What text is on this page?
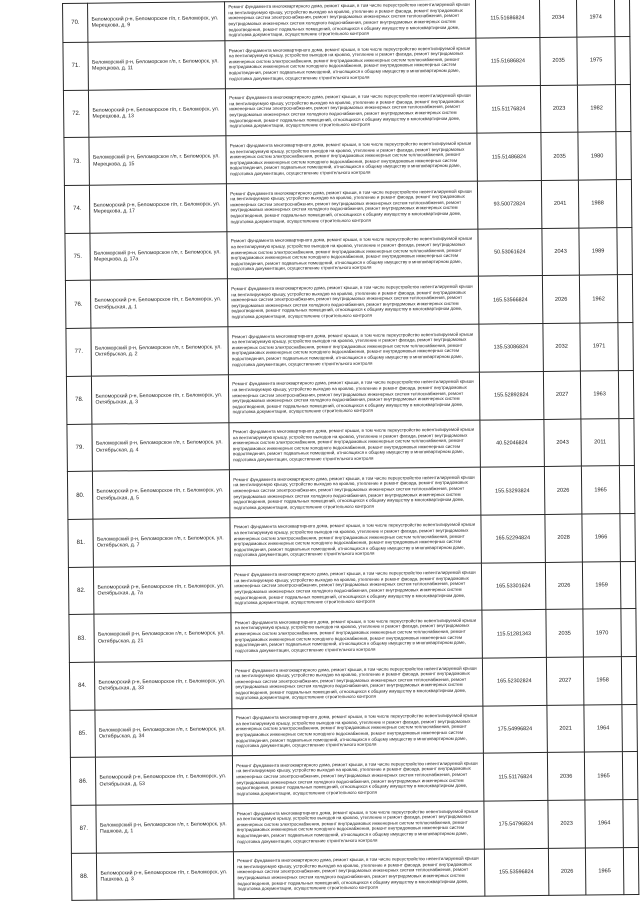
70.	Беломорский р-н, Беломорское г/п, г. Беломорск, ул. Мерецкова, д. 9	Ремонт фундамента многоквартирного дома, ремонт крыши, в том числе переустройство невентилируемой крыши на вентилируемую крышу, устройство выходов на кровлю, утепление и ремонт фасада, ремонт внутридомовых инженерных систем электроснабжения, ремонт внутридомовых инженерных систем теплоснабжения, ремонт внутридомовых инженерных систем холодного водоснабжения, ремонт внутридомовых инженерных систем водоотведения, ремонт подвальных помещений, относящихся к общему имуществу в многоквартирном доме, подготовка документации, осуществление строительного контроля	115.51686824	2034	1974	
71.	Беломорский р-н, Беломорское г/п, г. Беломорск, ул. Мерецкова, д. 11	Ремонт фундамента многоквартирного дома, ремонт крыши, в том числе переустройство невентилируемой крыши на вентилируемую крышу, устройство выходов на кровлю, утепление и ремонт фасада, ремонт внутридомовых инженерных систем электроснабжения, ремонт внутридомовых инженерных систем теплоснабжения, ремонт внутридомовых инженерных систем холодного водоснабжения, ремонт внутридомовых инженерных систем водоотведения, ремонт подвальных помещений, относящихся к общему имуществу в многоквартирном доме, подготовка документации, осуществление строительного контроля	115.51686824	2035	1975	
72.	Беломорский р-н, Беломорское г/п, г. Беломорск, ул. Мерецкова, д. 13	Ремонт фундамента многоквартирного дома, ремонт крыши, в том числе переустройство невентилируемой крыши на вентилируемую крышу, устройство выходов на кровлю, утепление и ремонт фасада, ремонт внутридомовых инженерных систем электроснабжения, ремонт внутридомовых инженерных систем теплоснабжения, ремонт внутридомовых инженерных систем холодного водоснабжения, ремонт внутридомовых инженерных систем водоотведения, ремонт подвальных помещений, относящихся к общему имуществу в многоквартирном доме, подготовка документации, осуществление строительного контроля	115.51176824	2023	1982	
73.	Беломорский р-н, Беломорское г/п, г. Беломорск, ул. Мерецкова, д. 15	Ремонт фундамента многоквартирного дома, ремонт крыши, в том числе переустройство невентилируемой крыши на вентилируемую крышу, устройство выходов на кровлю, утепление и ремонт фасада, ремонт внутридомовых инженерных систем электроснабжения, ремонт внутридомовых инженерных систем теплоснабжения, ремонт внутридомовых инженерных систем холодного водоснабжения, ремонт внутридомовых инженерных систем водоотведения, ремонт подвальных помещений, относящихся к общему имуществу в многоквартирном доме, подготовка документации, осуществление строительного контроля	115.51486824	2035	1980	
74.	Беломорский р-н, Беломорское г/п, г. Беломорск, ул. Мерецкова, д. 17	Ремонт фундамента многоквартирного дома, ремонт крыши, в том числе переустройство невентилируемой крыши на вентилируемую крышу, устройство выходов на кровлю, утепление и ремонт фасада, ремонт внутридомовых инженерных систем электроснабжения, ремонт внутридомовых инженерных систем теплоснабжения, ремонт внутридомовых инженерных систем холодного водоснабжения, ремонт внутридомовых инженерных систем водоотведения, ремонт подвальных помещений, относящихся к общему имуществу в многоквартирном доме, подготовка документации, осуществление строительного контроля	93.50072824	2041	1988	
75.	Беломорский р-н, Беломорское г/п, г. Беломорск, ул. Мерецкова, д. 17а	Ремонт фундамента многоквартирного дома, ремонт крыши, в том числе переустройство невентилируемой крыши на вентилируемую крышу, устройство выходов на кровлю, утепление и ремонт фасада, ремонт внутридомовых инженерных систем электроснабжения, ремонт внутридомовых инженерных систем теплоснабжения, ремонт внутридомовых инженерных систем холодного водоснабжения, ремонт внутридомовых инженерных систем водоотведения, ремонт подвальных помещений, относящихся к общему имуществу в многоквартирном доме, подготовка документации, осуществление строительного контроля	50.53061624	2043	1989	
76.	Беломорский р-н, Беломорское г/п, г. Беломорск, ул. Октябрьская, д. 1	Ремонт фундамента многоквартирного дома, ремонт крыши, в том числе переустройство невентилируемой крыши на вентилируемую крышу, устройство выходов на кровлю, утепление и ремонт фасада, ремонт внутридомовых инженерных систем электроснабжения, ремонт внутридомовых инженерных систем теплоснабжения, ремонт внутридомовых инженерных систем холодного водоснабжения, ремонт внутридомовых инженерных систем водоотведения, ремонт подвальных помещений, относящихся к общему имуществу в многоквартирном доме, подготовка документации, осуществление строительного контроля	165.53566824	2026	1962	
77.	Беломорский р-н, Беломорское г/п, г. Беломорск, ул. Октябрьская, д. 2	Ремонт фундамента многоквартирного дома, ремонт крыши, в том числе переустройство невентилируемой крыши на вентилируемую крышу, устройство выходов на кровлю, утепление и ремонт фасада, ремонт внутридомовых инженерных систем электроснабжения, ремонт внутридомовых инженерных систем теплоснабжения, ремонт внутридомовых инженерных систем холодного водоснабжения, ремонт внутридомовых инженерных систем водоотведения, ремонт подвальных помещений, относящихся к общему имуществу в многоквартирном доме, подготовка документации, осуществление строительного контроля	135.53086824	2032	1971	
78.	Беломорский р-н, Беломорское г/п, г. Беломорск, ул. Октябрьская, д. 3	Ремонт фундамента многоквартирного дома, ремонт крыши, в том числе переустройство невентилируемой крыши на вентилируемую крышу, устройство выходов на кровлю, утепление и ремонт фасада, ремонт внутридомовых инженерных систем электроснабжения, ремонт внутридомовых инженерных систем теплоснабжения, ремонт внутридомовых инженерных систем холодного водоснабжения, ремонт внутридомовых инженерных систем водоотведения, ремонт подвальных помещений, относящихся к общему имуществу в многоквартирном доме, подготовка документации, осуществление строительного контроля	155.52892824	2027	1963	
79.	Беломорский р-н, Беломорское г/п, г. Беломорск, ул. Октябрьская, д. 4	Ремонт фундамента многоквартирного дома, ремонт крыши, в том числе переустройство невентилируемой крыши на вентилируемую крышу, устройство выходов на кровлю, утепление и ремонт фасада, ремонт внутридомовых инженерных систем электроснабжения, ремонт внутридомовых инженерных систем теплоснабжения, ремонт внутридомовых инженерных систем холодного водоснабжения, ремонт внутридомовых инженерных систем водоотведения, ремонт подвальных помещений, относящихся к общему имуществу в многоквартирном доме, подготовка документации, осуществление строительного контроля	40.52046824	2043	2011	
80.	Беломорский р-н, Беломорское г/п, г. Беломорск, ул. Октябрьская, д. 5	Ремонт фундамента многоквартирного дома, ремонт крыши, в том числе переустройство невентилируемой крыши на вентилируемую крышу, устройство выходов на кровлю, утепление и ремонт фасада, ремонт внутридомовых инженерных систем электроснабжения, ремонт внутридомовых инженерных систем теплоснабжения, ремонт внутридомовых инженерных систем холодного водоснабжения, ремонт внутридомовых инженерных систем водоотведения, ремонт подвальных помещений, относящихся к общему имуществу в многоквартирном доме, подготовка документации, осуществление строительного контроля	155.53293824	2026	1965	
81.	Беломорский р-н, Беломорское г/п, г. Беломорск, ул. Октябрьская, д. 7	Ремонт фундамента многоквартирного дома, ремонт крыши, в том числе переустройство невентилируемой крыши на вентилируемую крышу, устройство выходов на кровлю, утепление и ремонт фасада, ремонт внутридомовых инженерных систем электроснабжения, ремонт внутридомовых инженерных систем теплоснабжения, ремонт внутридомовых инженерных систем холодного водоснабжения, ремонт внутридомовых инженерных систем водоотведения, ремонт подвальных помещений, относящихся к общему имуществу в многоквартирном доме, подготовка документации, осуществление строительного контроля	165.52294824	2028	1966	
82.	Беломорский р-н, Беломорское г/п, г. Беломорск, ул. Октябрьская, д. 7а	Ремонт фундамента многоквартирного дома, ремонт крыши, в том числе переустройство невентилируемой крыши на вентилируемую крышу, устройство выходов на кровлю, утепление и ремонт фасада, ремонт внутридомовых инженерных систем электроснабжения, ремонт внутридомовых инженерных систем теплоснабжения, ремонт внутридомовых инженерных систем холодного водоснабжения, ремонт внутридомовых инженерных систем водоотведения, ремонт подвальных помещений, относящихся к общему имуществу в многоквартирном доме, подготовка документации, осуществление строительного контроля	165.53301624	2026	1959	
83.	Беломорский р-н, Беломорское г/п, г. Беломорск, ул. Октябрьская, д. 21	Ремонт фундамента многоквартирного дома, ремонт крыши, в том числе переустройство невентилируемой крыши на вентилируемую крышу, устройство выходов на кровлю, утепление и ремонт фасада, ремонт внутридомовых инженерных систем электроснабжения, ремонт внутридомовых инженерных систем теплоснабжения, ремонт внутридомовых инженерных систем холодного водоснабжения, ремонт внутридомовых инженерных систем водоотведения, ремонт подвальных помещений, относящихся к общему имуществу в многоквартирном доме, подготовка документации, осуществление строительного контроля	115.51281343	2035	1970	
84.	Беломорский р-н, Беломорское г/п, г. Беломорск, ул. Октябрьская, д. 33	Ремонт фундамента многоквартирного дома, ремонт крыши, в том числе переустройство невентилируемой крыши на вентилируемую крышу, устройство выходов на кровлю, утепление и ремонт фасада, ремонт внутридомовых инженерных систем электроснабжения, ремонт внутридомовых инженерных систем теплоснабжения, ремонт внутридомовых инженерных систем холодного водоснабжения, ремонт внутридомовых инженерных систем водоотведения, ремонт подвальных помещений, относящихся к общему имуществу в многоквартирном доме, подготовка документации, осуществление строительного контроля	165.52302824	2027	1958	
85.	Беломорский р-н, Беломорское г/п, г. Беломорск, ул. Октябрьская, д. 34	Ремонт фундамента многоквартирного дома, ремонт крыши, в том числе переустройство невентилируемой крыши на вентилируемую крышу, устройство выходов на кровлю, утепление и ремонт фасада, ремонт внутридомовых инженерных систем электроснабжения, ремонт внутридомовых инженерных систем теплоснабжения, ремонт внутридомовых инженерных систем холодного водоснабжения, ремонт внутридомовых инженерных систем водоотведения, ремонт подвальных помещений, относящихся к общему имуществу в многоквартирном доме, подготовка документации, осуществление строительного контроля	175.54996824	2021	1964	
86.	Беломорский р-н, Беломорское г/п, г. Беломорск, ул. Октябрьская, д. 53	Ремонт фундамента многоквартирного дома, ремонт крыши, в том числе переустройство невентилируемой крыши на вентилируемую крышу, устройство выходов на кровлю, утепление и ремонт фасада, ремонт внутридомовых инженерных систем электроснабжения, ремонт внутридомовых инженерных систем теплоснабжения, ремонт внутридомовых инженерных систем холодного водоснабжения, ремонт внутридомовых инженерных систем водоотведения, ремонт подвальных помещений, относящихся к общему имуществу в многоквартирном доме, подготовка документации, осуществление строительного контроля	115.51176824	2036	1965	
87.	Беломорский р-н, Беломорское г/п, г. Беломорск, ул. Пашкова, д. 1	Ремонт фундамента многоквартирного дома, ремонт крыши, в том числе переустройство невентилируемой крыши на вентилируемую крышу, устройство выходов на кровлю, утепление и ремонт фасада, ремонт внутридомовых инженерных систем электроснабжения, ремонт внутридомовых инженерных систем теплоснабжения, ремонт внутридомовых инженерных систем холодного водоснабжения, ремонт внутридомовых инженерных систем водоотведения, ремонт подвальных помещений, относящихся к общему имуществу в многоквартирном доме, подготовка документации, осуществление строительного контроля	175.54796824	2023	1964	
88.	Беломорский р-н, Беломорское г/п, г. Беломорск, ул. Пашкова, д. 3	Ремонт фундамента многоквартирного дома, ремонт крыши, в том числе переустройство невентилируемой крыши на вентилируемую крышу, устройство выходов на кровлю, утепление и ремонт фасада, ремонт внутридомовых инженерных систем электроснабжения, ремонт внутридомовых инженерных систем теплоснабжения, ремонт внутридомовых инженерных систем холодного водоснабжения, ремонт внутридомовых инженерных систем водоотведения, ремонт подвальных помещений, относящихся к общему имуществу в многоквартирном доме, подготовка документации, осуществление строительного контроля	155.53596824	2026	1965	
